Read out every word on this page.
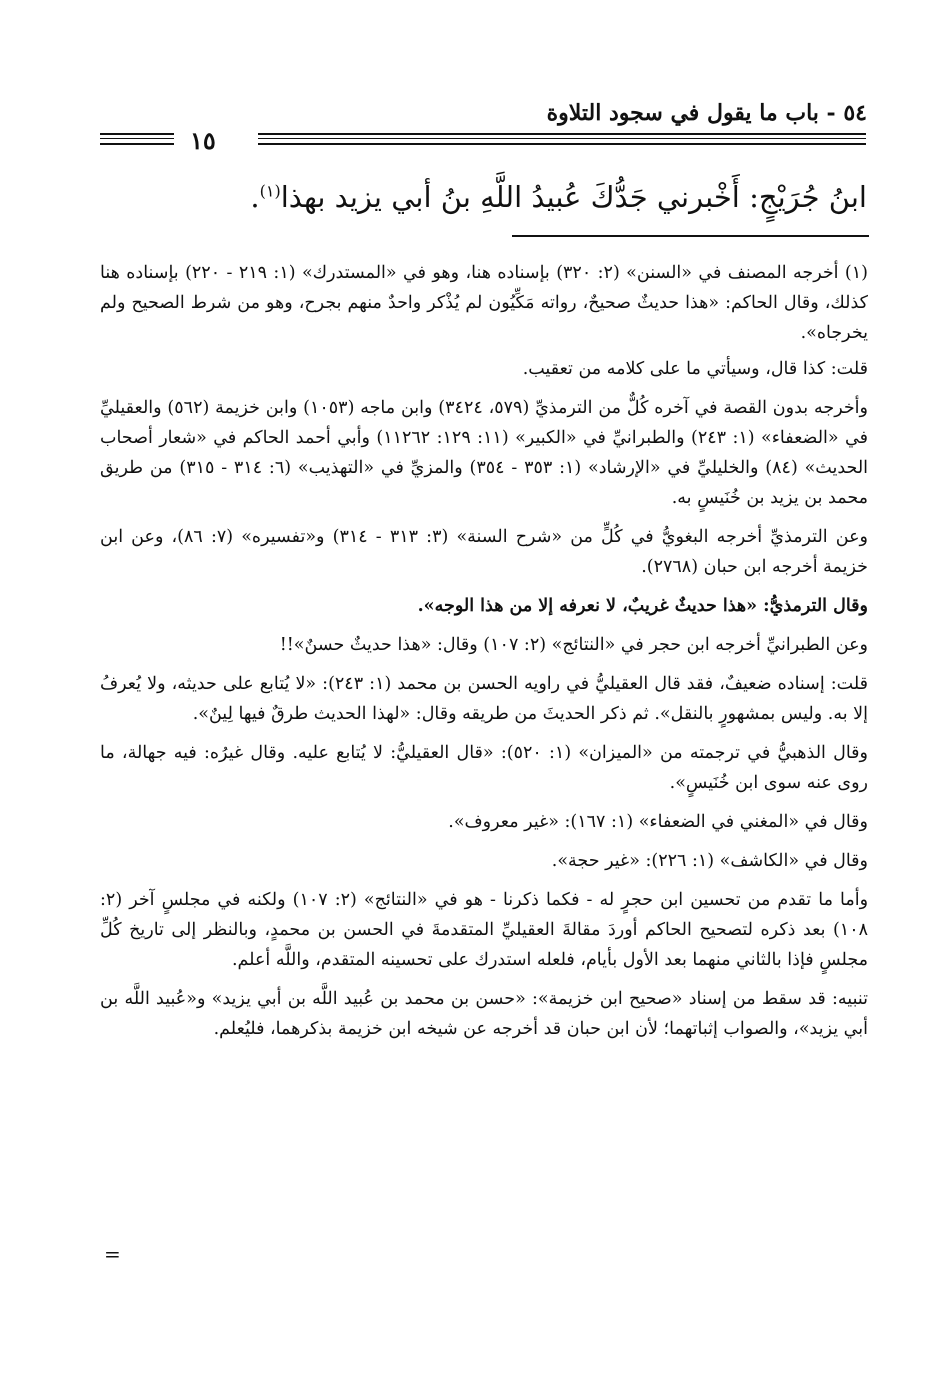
٥٤ - باب ما يقول في سجود التلاوة
١٥
ابنُ جُرَيْجٍ: أَخْبرني جَدُّكَ عُبيدُ اللَّهِ بنُ أبي يزيد بهذا$^{(١)}$.

(١) أخرجه المصنف في «السنن» (٢: ٣٢٠) بإسناده هنا، وهو في «المستدرك» (١: ٢١٩ - ٢٢٠) بإسناده هنا كذلك، وقال الحاكم: «هذا حديثٌ صحيحٌ، رواته مَكِّيُون لم يُذْكر واحدٌ منهم بجرح، وهو من شرط الصحيح ولم يخرجاه».

قلت: كذا قال، وسيأتي ما على كلامه من تعقيب.

وأخرجه بدون القصة في آخره كُلٌّ من الترمذيِّ (٥٧٩، ٣٤٢٤) وابن ماجه (١٠٥٣) وابن خزيمة (٥٦٢) والعقيليِّ في «الضعفاء» (١: ٢٤٣) والطبرانيِّ في «الكبير» (١١: ١٢٩: ١١٢٦٢) وأبي أحمد الحاكم في «شعار أصحاب الحديث» (٨٤) والخليليِّ في «الإرشاد» (١: ٣٥٣ - ٣٥٤) والمزيِّ في «التهذيب» (٦: ٣١٤ - ٣١٥) من طريق محمد بن يزيد بن خُنَيسٍ به.

وعن الترمذيِّ أخرجه البغويُّ في كُلٍّ من «شرح السنة» (٣: ٣١٣ - ٣١٤) و«تفسيره» (٧: ٨٦)، وعن ابن خزيمة أخرجه ابن حبان (٢٧٦٨).

وقال الترمذيُّ: «هذا حديثٌ غريبٌ، لا نعرفه إلا من هذا الوجه».

وعن الطبرانيِّ أخرجه ابن حجر في «النتائج» (٢: ١٠٧) وقال: «هذا حديثٌ حسنٌ»!!

قلت: إسناده ضعيفٌ، فقد قال العقيليُّ في راويه الحسن بن محمد (١: ٢٤٣): «لا يُتابع على حديثه، ولا يُعرفُ إلا به. وليس بمشهورٍ بالنقل». ثم ذكر الحديثَ من طريقه وقال: «لهذا الحديث طرقٌ فيها لِينٌ».

وقال الذهبيُّ في ترجمته من «الميزان» (١: ٥٢٠): «قال العقيليُّ: لا يُتابع عليه. وقال غيرُه: فيه جهالة، ما روى عنه سوى ابن خُنَيسٍ».

وقال في «المغني في الضعفاء» (١: ١٦٧): «غير معروف».

وقال في «الكاشف» (١: ٢٢٦): «غير حجة».

وأما ما تقدم من تحسين ابن حجرٍ له - فكما ذكرنا - هو في «النتائج» (٢: ١٠٧) ولكنه في مجلسٍ آخر (٢: ١٠٨) بعد ذكره لتصحيح الحاكم أوردَ مقالةَ العقيليِّ المتقدمةَ في الحسن بن محمدٍ، وبالنظر إلى تاريخ كُلِّ مجلسٍ فإذا بالثاني منهما بعد الأول بأيام، فلعله استدرك على تحسينه المتقدم، واللَّه أعلم.

تنبيه: قد سقط من إسناد «صحيح ابن خزيمة»: «حسن بن محمد بن عُبيد اللَّه بن أبي يزيد» و«عُبيد اللَّه بن أبي يزيد»، والصواب إثباتهما؛ لأن ابن حبان قد أخرجه عن شيخه ابن خزيمة بذكرهما، فليُعلم.

=
